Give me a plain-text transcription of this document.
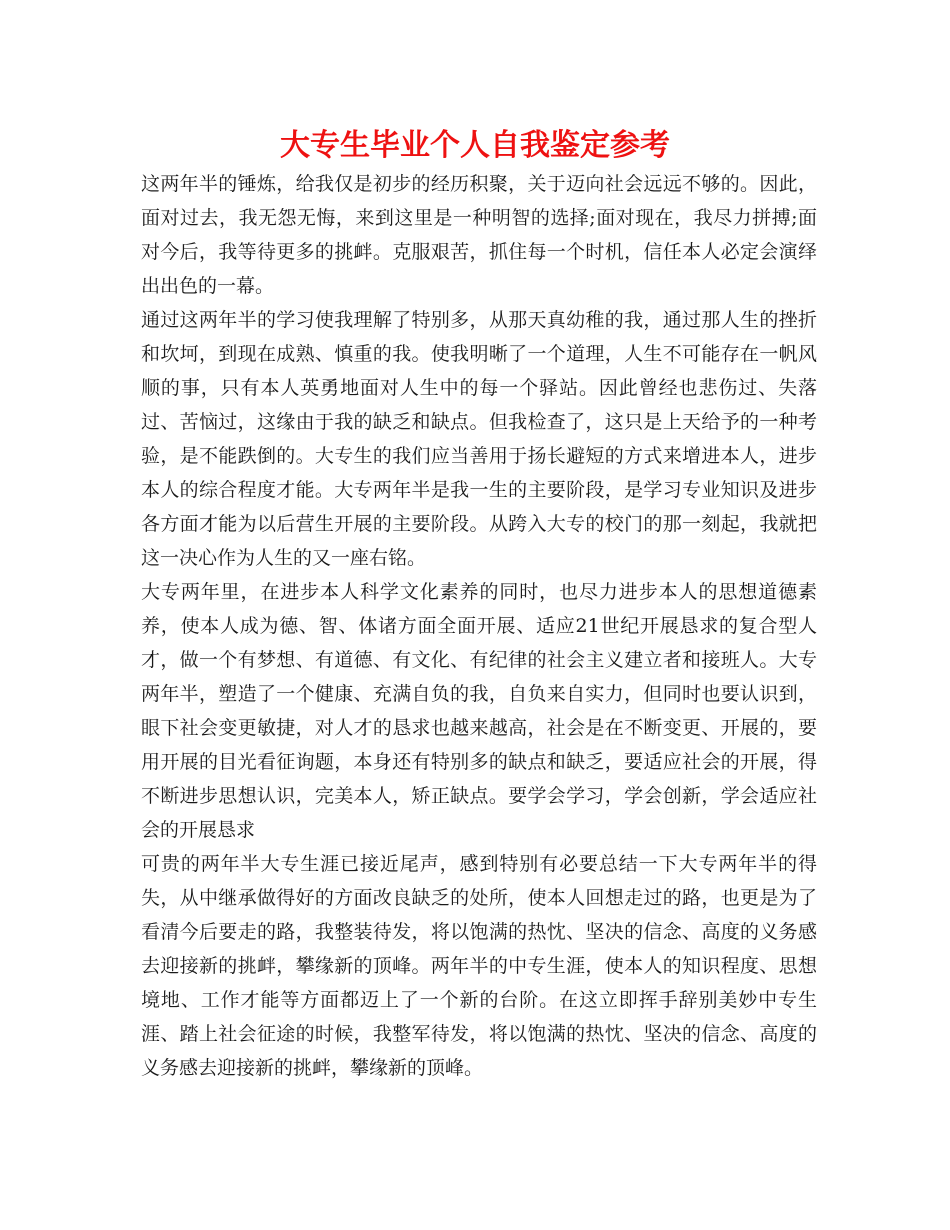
大专生毕业个人自我鉴定参考

这两年半的锤炼，给我仅是初步的经历积聚，关于迈向社会远远不够的。因此，面对过去，我无怨无悔，来到这里是一种明智的选择;面对现在，我尽力拼搏;面对今后，我等待更多的挑衅。克服艰苦，抓住每一个时机，信任本人必定会演绎出出色的一幕。

通过这两年半的学习使我理解了特别多，从那天真幼稚的我，通过那人生的挫折和坎坷，到现在成熟、慎重的我。使我明晰了一个道理，人生不可能存在一帆风顺的事，只有本人英勇地面对人生中的每一个驿站。因此曾经也悲伤过、失落过、苦恼过，这缘由于我的缺乏和缺点。但我检查了，这只是上天给予的一种考验，是不能跌倒的。大专生的我们应当善用于扬长避短的方式来增进本人，进步本人的综合程度才能。大专两年半是我一生的主要阶段，是学习专业知识及进步各方面才能为以后营生开展的主要阶段。从跨入大专的校门的那一刻起，我就把这一决心作为人生的又一座右铭。

大专两年里，在进步本人科学文化素养的同时，也尽力进步本人的思想道德素养，使本人成为德、智、体诸方面全面开展、适应21世纪开展恳求的复合型人才，做一个有梦想、有道德、有文化、有纪律的社会主义建立者和接班人。大专两年半，塑造了一个健康、充满自负的我，自负来自实力，但同时也要认识到，眼下社会变更敏捷，对人才的恳求也越来越高，社会是在不断变更、开展的，要用开展的目光看征询题，本身还有特别多的缺点和缺乏，要适应社会的开展，得不断进步思想认识，完美本人，矫正缺点。要学会学习，学会创新，学会适应社会的开展恳求

可贵的两年半大专生涯已接近尾声，感到特别有必要总结一下大专两年半的得失，从中继承做得好的方面改良缺乏的处所，使本人回想走过的路，也更是为了看清今后要走的路，我整装待发，将以饱满的热忱、坚决的信念、高度的义务感去迎接新的挑衅，攀缘新的顶峰。两年半的中专生涯，使本人的知识程度、思想境地、工作才能等方面都迈上了一个新的台阶。在这立即挥手辞别美妙中专生涯、踏上社会征途的时候，我整军待发，将以饱满的热忱、坚决的信念、高度的义务感去迎接新的挑衅，攀缘新的顶峰。
